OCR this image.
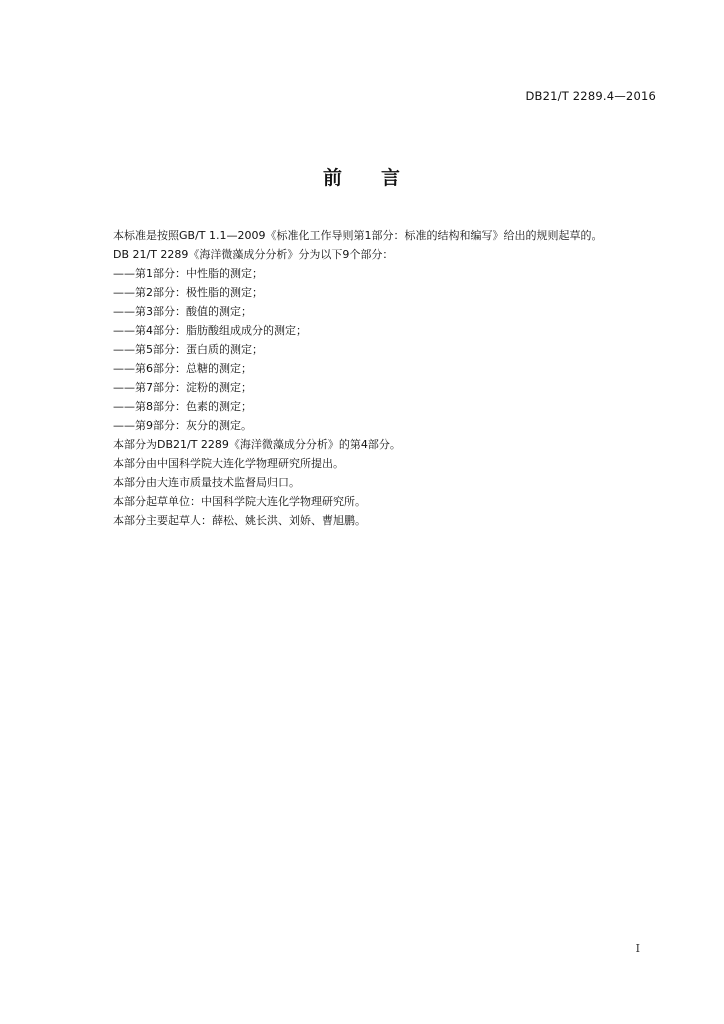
DB21/T 2289.4—2016
前 言

本标准是按照GB/T 1.1—2009《标准化工作导则第1部分：标准的结构和编写》给出的规则起草的。

DB 21/T 2289《海洋微藻成分分析》分为以下9个部分：

——第1部分：中性脂的测定；
——第2部分：极性脂的测定；
——第3部分：酸值的测定；
——第4部分：脂肪酸组成成分的测定；
——第5部分：蛋白质的测定；
——第6部分：总糖的测定；
——第7部分：淀粉的测定；
——第8部分：色素的测定；
——第9部分：灰分的测定。
本部分为DB21/T 2289《海洋微藻成分分析》的第4部分。
本部分由中国科学院大连化学物理研究所提出。
本部分由大连市质量技术监督局归口。
本部分起草单位：中国科学院大连化学物理研究所。
本部分主要起草人：薛松、姚长洪、刘娇、曹旭鹏。
I
